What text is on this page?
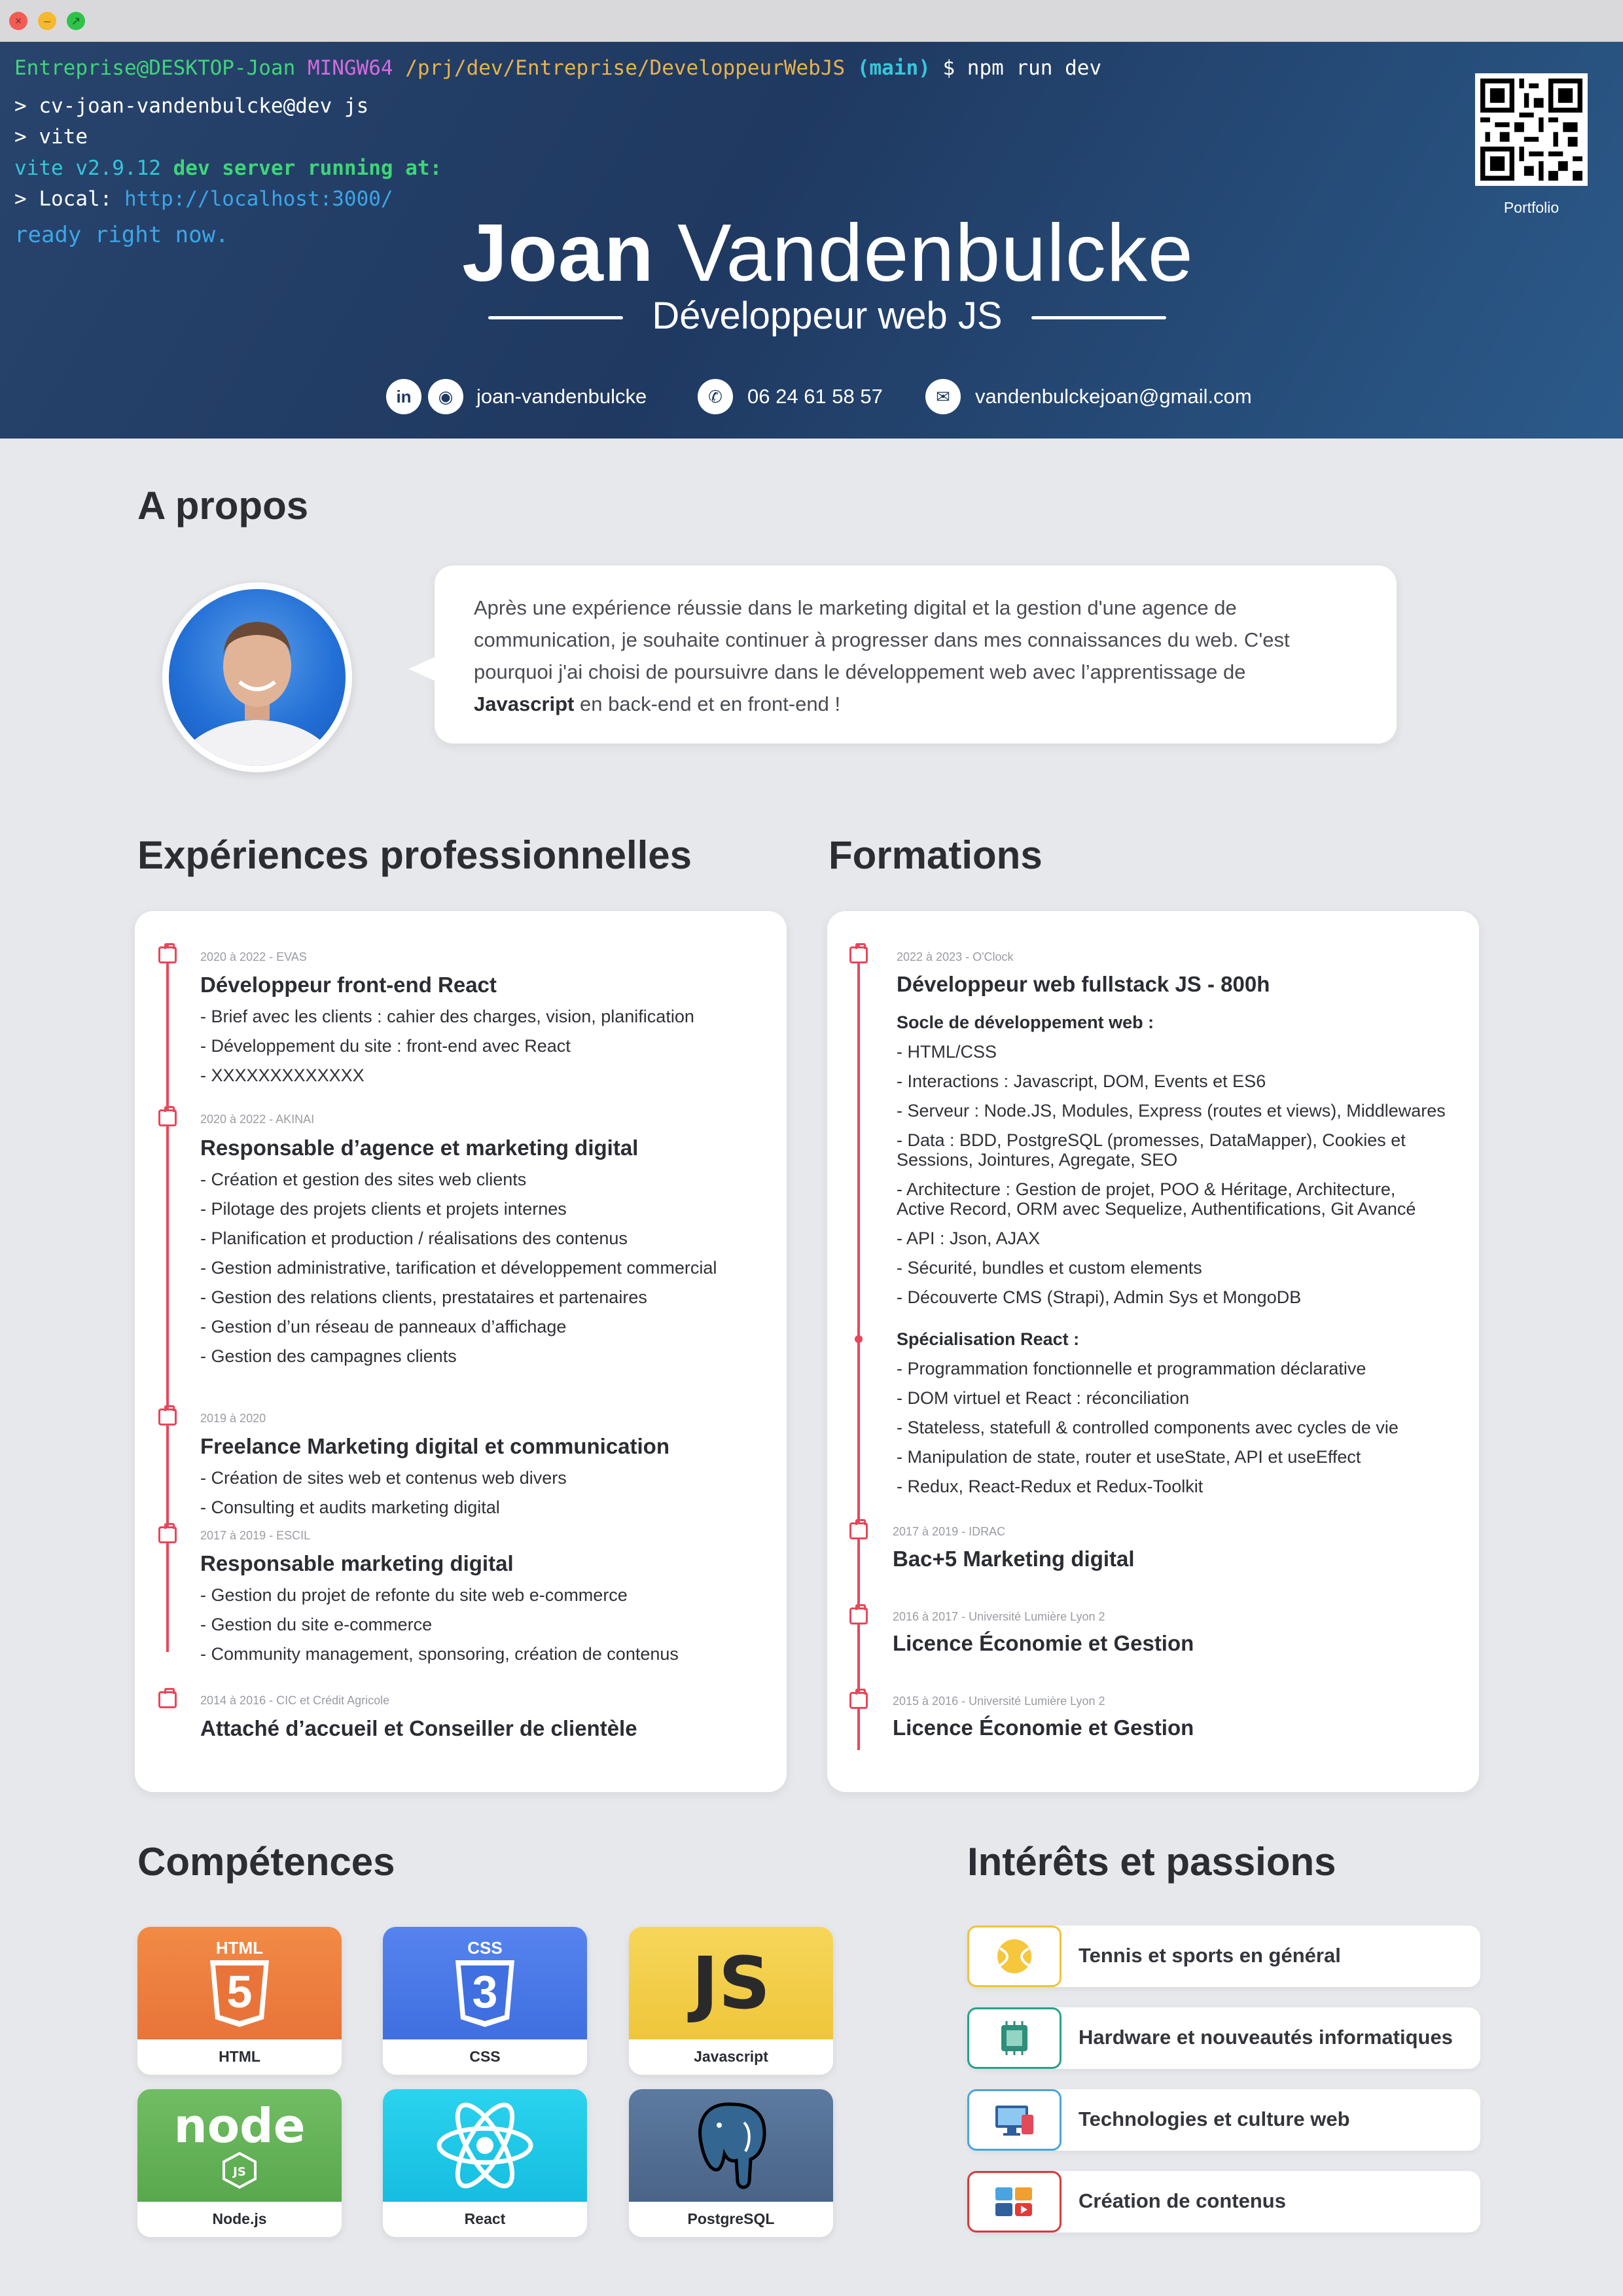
×	–	↗
Entreprise@DESKTOP-Joan MINGW64 /prj/dev/Entreprise/DeveloppeurWebJS (main) $ npm run dev
> cv-joan-vandenbulcke@dev js
> vite
vite v2.9.12 dev server running at:
> Local: http://localhost:3000/
ready right now.	Joan Vandenbulcke
Développeur web JS
in	◉	joan-vandenbulcke	✆	06 24 61 58 57	✉	vandenbulckejoan@gmail.com
Portfolio
A propos
Après une expérience réussie dans le marketing digital et la gestion d'une agence de
communication, je souhaite continuer à progresser dans mes connaissances du web. C'est
pourquoi j'ai choisi de poursuivre dans le développement web avec l’apprentissage de
Javascript en back-end et en front-end !
Expériences professionnelles	Formations
2020 à 2022 - EVAS
Développeur front-end React
- Brief avec les clients : cahier des charges, vision, planification
- Développement du site : front-end avec React
- XXXXXXXXXXXXX
2020 à 2022 - AKINAI
Responsable d’agence et marketing digital
- Création et gestion des sites web clients
- Pilotage des projets clients et projets internes
- Planification et production / réalisations des contenus
- Gestion administrative, tarification et développement commercial
- Gestion des relations clients, prestataires et partenaires
- Gestion d’un réseau de panneaux d’affichage
- Gestion des campagnes clients
2019 à 2020
Freelance Marketing digital et communication
- Création de sites web et contenus web divers
- Consulting et audits marketing digital
2017 à 2019 - ESCIL
Responsable marketing digital
- Gestion du projet de refonte du site web e-commerce
- Gestion du site e-commerce
- Community management, sponsoring, création de contenus
2014 à 2016 - CIC et Crédit Agricole
Attaché d’accueil et Conseiller de clientèle
2022 à 2023 - O'Clock
Développeur web fullstack JS - 800h
Socle de développement web :
- HTML/CSS
- Interactions : Javascript, DOM, Events et ES6
- Serveur : Node.JS, Modules, Express (routes et views), Middlewares
- Data : BDD, PostgreSQL (promesses, DataMapper), Cookies et
Sessions, Jointures, Agregate, SEO
- Architecture : Gestion de projet, POO & Héritage, Architecture,
Active Record, ORM avec Sequelize, Authentifications, Git Avancé
- API : Json, AJAX
- Sécurité, bundles et custom elements
- Découverte CMS (Strapi), Admin Sys et MongoDB
Spécialisation React :
- Programmation fonctionnelle et programmation déclarative
- DOM virtuel et React : réconciliation
- Stateless, statefull & controlled components avec cycles de vie
- Manipulation de state, router et useState, API et useEffect
- Redux, React-Redux et Redux-Toolkit
2017 à 2019 - IDRAC
Bac+5 Marketing digital
2016 à 2017 - Université Lumière Lyon 2
Licence Économie et Gestion
2015 à 2016 - Université Lumière Lyon 2
Licence Économie et Gestion
Compétences
HTML
5
HTML
CSS
3
CSS
JS
Javascript
node
JS
Node.js	React	PostgreSQL
Intérêts et passions
Tennis et sports en général
Hardware et nouveautés informatiques
Technologies et culture web
Création de contenus
